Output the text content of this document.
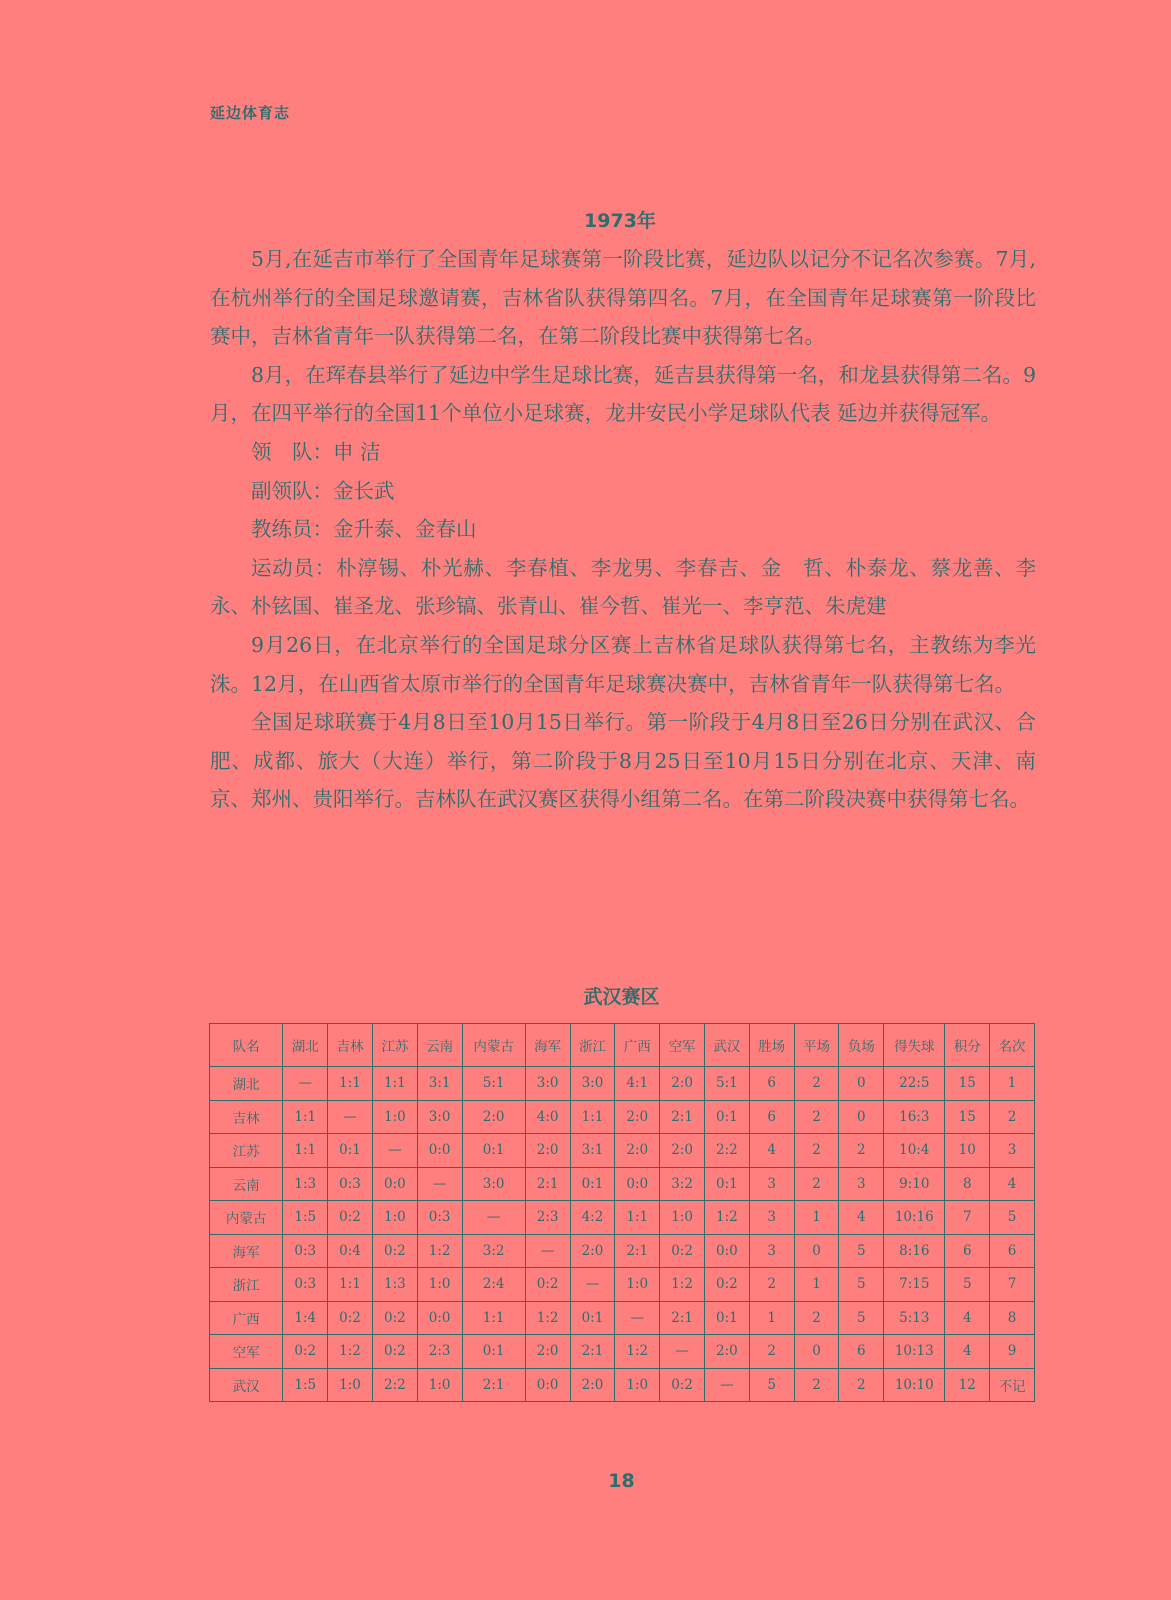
延边体育志
1973年

5月,在延吉市举行了全国青年足球赛第一阶段比赛，延边队以记分不记名次参赛。7月,在杭州举行的全国足球邀请赛，吉林省队获得第四名。7月，在全国青年足球赛第一阶段比赛中，吉林省青年一队获得第二名，在第二阶段比赛中获得第七名。

8月，在珲春县举行了延边中学生足球比赛，延吉县获得第一名，和龙县获得第二名。9月，在四平举行的全国11个单位小足球赛，龙井安民小学足球队代表 延边并获得冠军。

领　队：申 洁

副领队：金长武

教练员：金升泰、金春山

运动员：朴淳锡、朴光赫、李春植、李龙男、李春吉、金　哲、朴泰龙、蔡龙善、李 永、朴铉国、崔圣龙、张珍镐、张青山、崔今哲、崔光一、李亨范、朱虎建

9月26日，在北京举行的全国足球分区赛上吉林省足球队获得第七名，主教练为李光洙。12月，在山西省太原市举行的全国青年足球赛决赛中，吉林省青年一队获得第七名。

全国足球联赛于4月8日至10月15日举行。第一阶段于4月8日至26日分别在武汉、合肥、成都、旅大（大连）举行，第二阶段于8月25日至10月15日分别在北京、天津、南京、郑州、贵阳举行。吉林队在武汉赛区获得小组第二名。在第二阶段决赛中获得第七名。

武汉赛区
队名	湖北	吉林	江苏	云南	内蒙古	海军	浙江	广西	空军	武汉	胜场	平场	负场	得失球	积分	名次
湖北	—	1:1	1:1	3:1	5:1	3:0	3:0	4:1	2:0	5:1	6	2	0	22:5	15	1
吉林	1:1	—	1:0	3:0	2:0	4:0	1:1	2:0	2:1	0:1	6	2	0	16:3	15	2
江苏	1:1	0:1	—	0:0	0:1	2:0	3:1	2:0	2:0	2:2	4	2	2	10:4	10	3
云南	1:3	0:3	0:0	—	3:0	2:1	0:1	0:0	3:2	0:1	3	2	3	9:10	8	4
内蒙古	1:5	0:2	1:0	0:3	—	2:3	4:2	1:1	1:0	1:2	3	1	4	10:16	7	5
海军	0:3	0:4	0:2	1:2	3:2	—	2:0	2:1	0:2	0:0	3	0	5	8:16	6	6
浙江	0:3	1:1	1:3	1:0	2:4	0:2	—	1:0	1:2	0:2	2	1	5	7:15	5	7
广西	1:4	0:2	0:2	0:0	1:1	1:2	0:1	—	2:1	0:1	1	2	5	5:13	4	8
空军	0:2	1:2	0:2	2:3	0:1	2:0	2:1	1:2	—	2:0	2	0	6	10:13	4	9
武汉	1:5	1:0	2:2	1:0	2:1	0:0	2:0	1:0	0:2	—	5	2	2	10:10	12	不记
18
